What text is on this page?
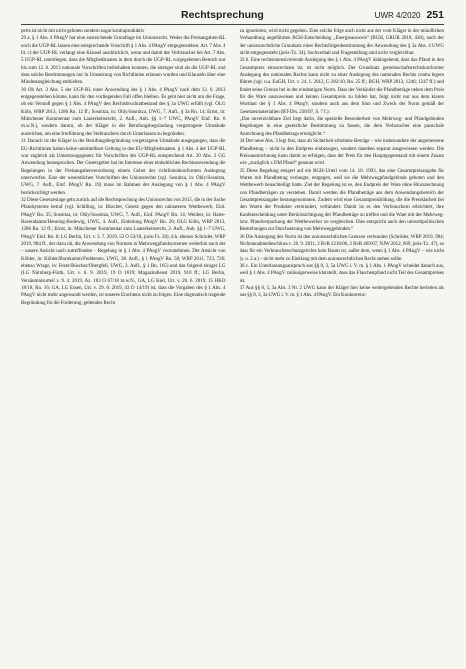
Rechtsprechung	UWR 4/2020 251

perts ist nicht mit nicht geboten sondern sogar kontraproduktiv

29 a. § 1 Abs. 4 PAngV hat eine ausreichende Grundlage im Unionsrecht. Weder die Preisangaben-RL noch die UGP-RL lassen eine entsprechende Vorschrift § 1 Abs. 4 PAngV entgegenstehen. Art. 7 Abs. 4 lit. c) der UGP-RL verlangt eine Klausel ausdrücklich, wenn und damit der Verbraucher bei Art. 7 Abs. 5 UGP-RL unterliegen, dass die Mitgliedstaaten in dem durch die UGP-RL vorgegebenen Bereich nur bis zum 12. 6. 2013 nationale Vorschriften beibehalten konnten, die strenger sind als die UGP-RL und dass solche Bestimmungen nur in Umsetzung von Richtlinien erlassen wurden und Klauseln über eine Mindestangleichung enthielten.

30 Ob Art. 3 Abs. 5 der UGP-RL einer Anwendung des § 1 Abs. 4 PAngV nach dem 12. 6. 2013 entgegenstehen könnte, kann für den vorliegenden Fall offen bleiben. Es geht hier nicht um die Frage, ob ein Verstoß gegen § 1 Abs. 4 PAngV den Rechtsbruchtatbestand des § 3a UWG erfüllt (vgl. OLG Köln, WRP 2013, 1286 Rn. 12 ff.; Sosnitza, in: Ohly/Sosnitza, UWG, 7. Aufl., § 3a Rn. 14; Ernst, in: Münchener Kommentar zum Lauterkeitsrecht, 2. Aufl., Anh. §§ 1–7 UWG, PAngV Einf. Rn. 8 m.w.N.), sondern darum, ob der Kläger in der Berufungsbegründung vorgetragene Umstände ausreichen, um eine Irreführung des Verbrauchers durch Unterlassen zu begründen.

31 Danach ist der Kläger in der Berufungsbegründung vorgetragene Umstände ausgegangen, dass die EU-Richtlinien haben keine unmittelbare Geltung in den EU-Mitgliedstaaten. § 1 Abs. 4 der UGP-RL war zugleich als Umsetzungsgesetz für Vorschriften der UGP-RL entsprechend Art. 20 Abs. 2 GG Anwendung beanspruchen. Der Gesetzgeber hat im Interesse einer einheitlichen Rechtsanwendung die Regelungen in der Preisangabenverordnung einem Gebot der richtlinienkonformen Auslegung unterworfen. Eine der wesentlichen Vorschriften des Unionsrechts (vgl. Sosnitza, in: Ohly/Sosnitza, UWG, 7. Aufl., Einf. PAngV Rn. 19) muss im Rahmen der Auslegung von § 1 Abs. 4 PAngV berücksichtigt werden.

32 Diese Gesetzeslage geht zurück auf die Rechtsprechung des Unionsrechts von 2015, die in der Sache Pfandsysteme betraf (vgl. Schilling, in: Büscher, Gesetz gegen den unlauteren Wettbewerb, Einl. PAngV Rn. 35; Sosnitza, in: Ohly/Sosnitza, UWG, 7. Aufl., Einf. PAngV Rn. 14; Weidert, in: Harte-Bavendamm/Henning-Bodewig, UWG, 4. Aufl., Einleitung PAngV Rn. 20; OLG Köln, WRP 2013, 1286 Rn. 12 ff.; Ernst, in: Münchener Kommentar zum Lauterkeitsrecht, 2. Aufl., Anh. §§ 1–7 UWG, PAngV Einf. Rn. 8; LG Berlin, Urt. v. 3. 7. 2019, 52 O 53/18, juris-Tz. 20), d.h. ebenso Schröder, WRP 2019, 984 ff., der dazu rät, die Anwendung von Normen in Mehrwegpfandsystemen weiterhin nach der – unsere Ansicht nach zutreffenden – Regelung in § 1 Abs. 4 PAngV vorzunehmen. Der Ansicht von Köhler, in: Köhler/Bornkamm/Feddersen, UWG, 38. Aufl., § 1 PAngV Rn. 58; WRP 2011, 723, 726; ebenso Wrage, in: Fezer/Büscher/Obergfell, UWG, 3. Aufl., § 1 Rn. 165) und das folgend einiger LG (LG Nürnberg-Fürth, Urt. v. 6. 9. 2019, 19 O 1619; Magazindienst 2019, 910 ff.; LG Berlin, Versäumnisurteil v. 9. 4. 2019, Az. 103 O 67/18 m.w.N., GA, LG Kiel, Urt. v. 26. 6. 2019, 15 HKO 18/18, Rn. 16; GA, LG Essen, Urt. v. 29. 8. 2019, 43 O 14/19) ist, dass die Vorgaben des § 1 Abs. 4 PAngV nicht mehr angewandt werden, ist unseres Erachtens nicht zu folgen. Eine dogmatisch tragende Begründung für die Forderung, geltendes Recht

zu ignorieren, wird nicht gegeben. Eine solche folge auch nicht aus der vom Kläger in der mündlichen Verhandlung angeführten BGH-Entscheidung „Energieausweis“ (BGH, GRUR 2018, 438), nach der der unionsrechtliche Grundsatz einer Rechtsfolgenbestimmung der Anwendung des § 3a Abs. 4 UWG nicht entgegensteht (juris-Tz. 34), Sachverhalt und Fragestellung sind nicht vergleichbar.

33 b. Eine rechtsintensivierende Auslegung des § 1 Abs. 4 PAngV dahingehend, dass das Pfand in den Gesamtpreis einzurechnen ist, ist nicht möglich. Der Grundsatz gemeinschaftsrechtskonformer Auslegung des nationalen Rechts kann nicht zu einer Auslegung des nationalen Rechts contra legem führen (vgl. u.a. EuGH, Urt. v. 24. 1. 2012, C-282/10, Rn. 25 ff.; BGH, WRP 2013, 1246; 1247 ff.) und findet seine Grenze bei in der eindeutigen Norm. Dass der Verkäufer die Pfandbeträge neben dem Preis für die Ware auszuweisen und keinen Gesamtpreis zu bilden hat, folgt nicht nur aus dem klaren Wortlaut der § 1 Abs. 4 PAngV, sondern auch aus dem Sinn und Zweck der Norm gemäß der Gesetzesmaterialien (BT-Drs. 238/97, S. 7 f.):

„Das unverzichtbare Ziel liegt darin, die spezielle Besonderheit von Mehrweg- und Pfandgebinden Regelungen in eine gesetzliche Bestimmung zu fassen, die dem Verbraucher eine pauschale Anrechnung des Pfandbetrags ermöglicht.“

34 Der neue Abs. 3 legt fest, dass ab Sicherheit erhobene Beträge – wie insbesondere der angemessene Pfandbetrag – nicht in den Endpreis einbezogen, sondern daneben separat ausgewiesen werden. Die Preisauszeichnung kann damit so erfolgen, dass der Preis für den Hauptgegenstand mit einem Zusatz wie „zuzüglich x DM Pfand“ genannt wird.

35 Diese Regelung steigert auf ein BGH-Urteil vom 14. 10. 1993, das eine Gesamtpreisangabe für Waren mit Pfandbetrag verlangte, entgegen, weil sie die Mehrwegpfandgebinde geboten und den Wettbewerb benachteiligt hatte. Ziel der Regelung ist es, den Endpreis der Ware ohne Hinzurechnung von Pfandbeträgen zu verstehen. Damit werden die Pfandbeträge aus dem Anwendungsbereich der Gesamtpreisangabe herausgenommen. Zudem wird eine Gesamtpreisbildung, die die Preisklarheit bei den Waren der Produkte vermindert, verhindert. Damit ist es den Verbrauchern erleichtert, ihre Kaufentscheidung unter Berücksichtigung der Pfandbeträge zu treffen und die Ware mit der Mehrweg- bzw. Pfandverpackung der Wettbewerber zu vergleichen. Dies entspricht auch den umweltpolitischen Bestrebungen zur Durchsetzung von Mehrweggebinden.“

36 Die Auslegung der Norm ist den unionsrechtlichen Grenzen verbunden (Schröder, WRP 2019, 984; Nichtannahmebeschluss v. 26. 9. 2011, 2 BvR 2216/06, 2 BvR 469/07, NJW 2012, 669, juris-Tz. 47), so dass für ein Verbraucherschutzgerichts kein Raum ist, außer dem, wenn § 1 Abs. 4 PAngV – wie nicht (s. o. 2.a.) – nicht mehr zu Einklang mit dem unionsrechtlichen Recht stehen sollte.

36 c. Ein Unterlassungsanspruch aus §§ 8, 3, 5a UWG i. V. m. § 1 Abs. 1 PAngV scheidet danach aus, weil § 1 Abs. 4 PAngV zulässigerweise klarstellt, dass das Flaschenpfand nicht Teil des Gesamtpreises ist.

37 Aus §§ 8, 3, 3a Abs. 3 Nr. 2 UWG kann der Kläger hier keine weitergehenden Rechte herleiten als aus §§ 8, 3, 3a UWG i. V. m. § 1 Abs. 4 PAngV. Ein Konkurrenz-
